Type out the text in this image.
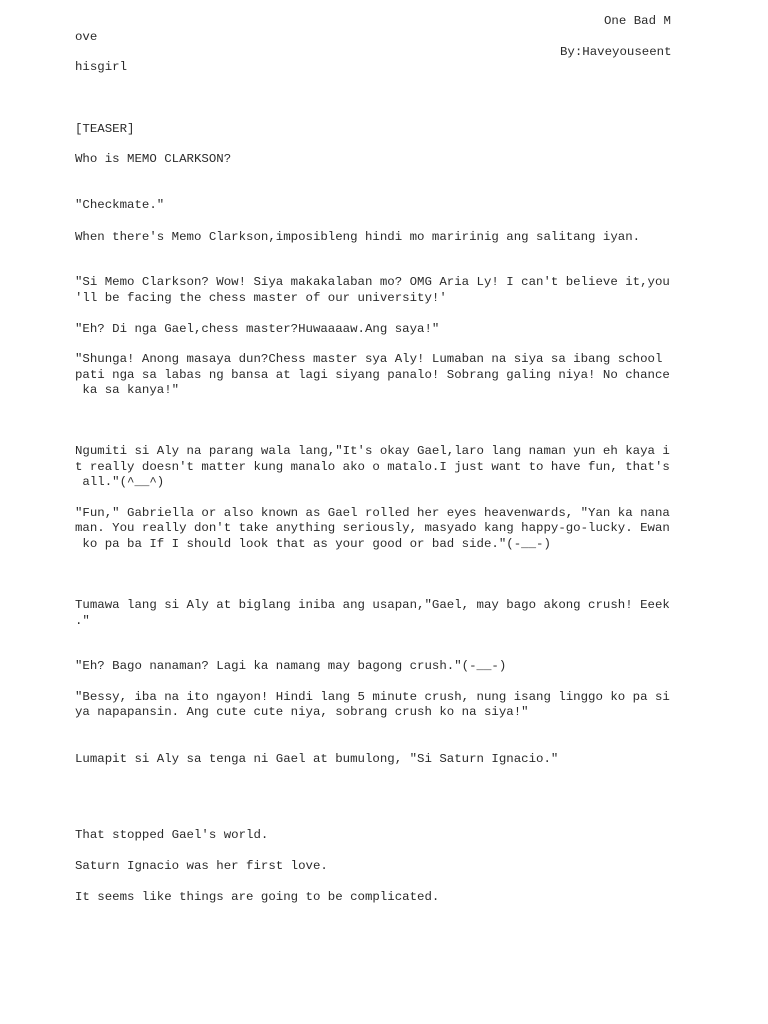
One Bad M

ove

By:Haveyouseent

hisgirl

[TEASER]

Who is MEMO CLARKSON?

"Checkmate."

When there's Memo Clarkson,imposibleng hindi mo maririnig ang salitang iyan.

"Si Memo Clarkson? Wow! Siya makakalaban mo? OMG Aria Ly! I can't believe it,you

'll be facing the chess master of our university!'

"Eh? Di nga Gael,chess master?Huwaaaaw.Ang saya!"

"Shunga! Anong masaya dun?Chess master sya Aly! Lumaban na siya sa ibang school

pati nga sa labas ng bansa at lagi siyang panalo! Sobrang galing niya! No chance

ka sa kanya!"

Ngumiti si Aly na parang wala lang,"It's okay Gael,laro lang naman yun eh kaya i

t really doesn't matter kung manalo ako o matalo.I just want to have fun, that's

all."(^__^)

"Fun," Gabriella or also known as Gael rolled her eyes heavenwards, "Yan ka nana

man. You really don't take anything seriously, masyado kang happy-go-lucky. Ewan

ko pa ba If I should look that as your good or bad side."(-__-)

Tumawa lang si Aly at biglang iniba ang usapan,"Gael, may bago akong crush! Eeek

."

"Eh? Bago nanaman? Lagi ka namang may bagong crush."(-__-)

"Bessy, iba na ito ngayon! Hindi lang 5 minute crush, nung isang linggo ko pa si

ya napapansin. Ang cute cute niya, sobrang crush ko na siya!"

Lumapit si Aly sa tenga ni Gael at bumulong, "Si Saturn Ignacio."

That stopped Gael's world.

Saturn Ignacio was her first love.

It seems like things are going to be complicated.
